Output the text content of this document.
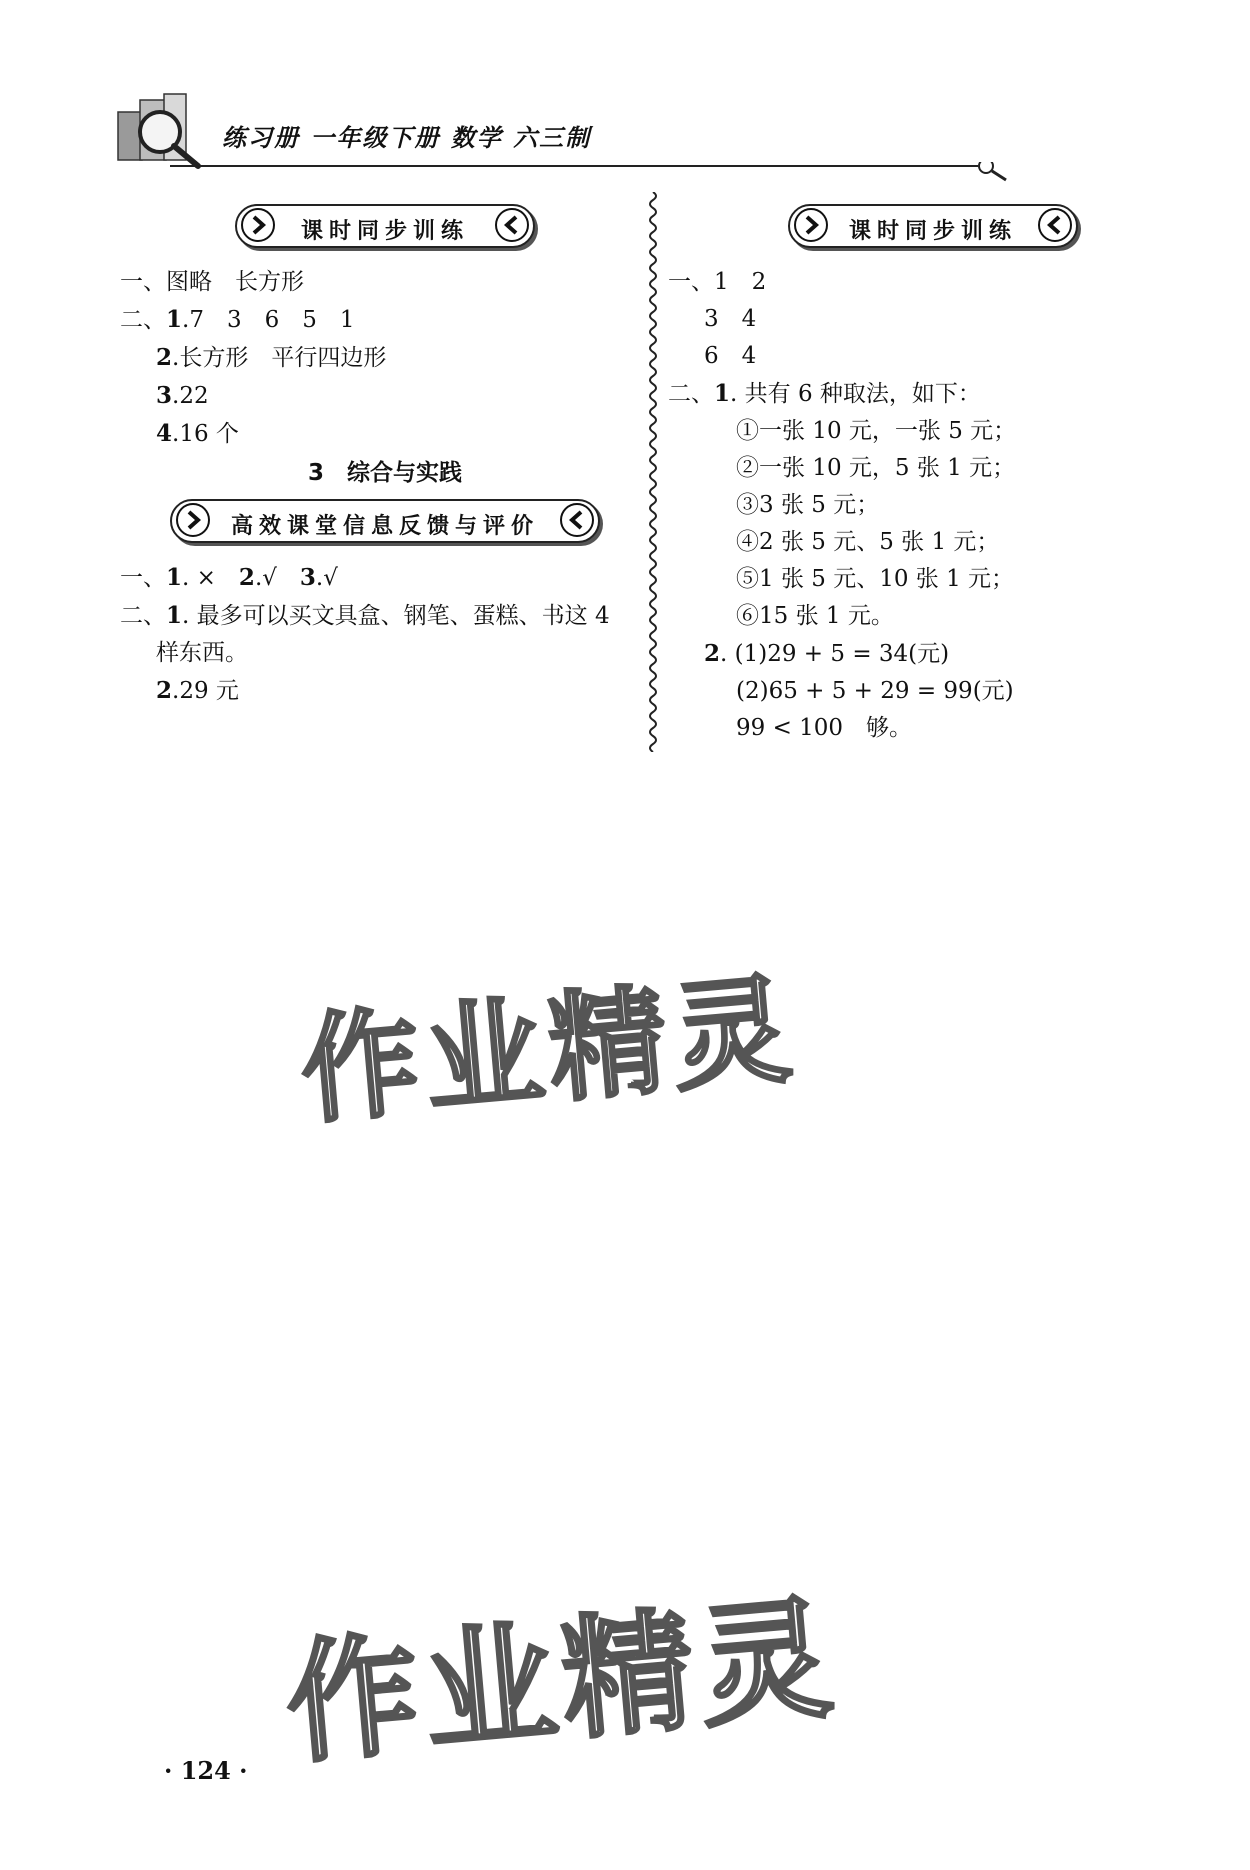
练习册 一年级下册 数学 六三制
课时同步训练
一、图略　长方形
二、1.7　3　6　5　1
2.长方形　平行四边形
3.22
4.16 个
3　综合与实践
高效课堂信息反馈与评价
一、1. ×　2.√　3.√
二、1. 最多可以买文具盒、钢笔、蛋糕、书这 4
样东西。
2.29 元
课时同步训练
一、1　2
3　4
6　4
二、1. 共有 6 种取法，如下：
①一张 10 元，一张 5 元；
②一张 10 元，5 张 1 元；
③3 张 5 元；
④2 张 5 元、5 张 1 元；
⑤1 张 5 元、10 张 1 元；
⑥15 张 1 元。
2. (1)29 + 5 = 34(元)
(2)65 + 5 + 29 = 99(元)
99 < 100　够。
作业精灵
作业精灵
· 124 ·
